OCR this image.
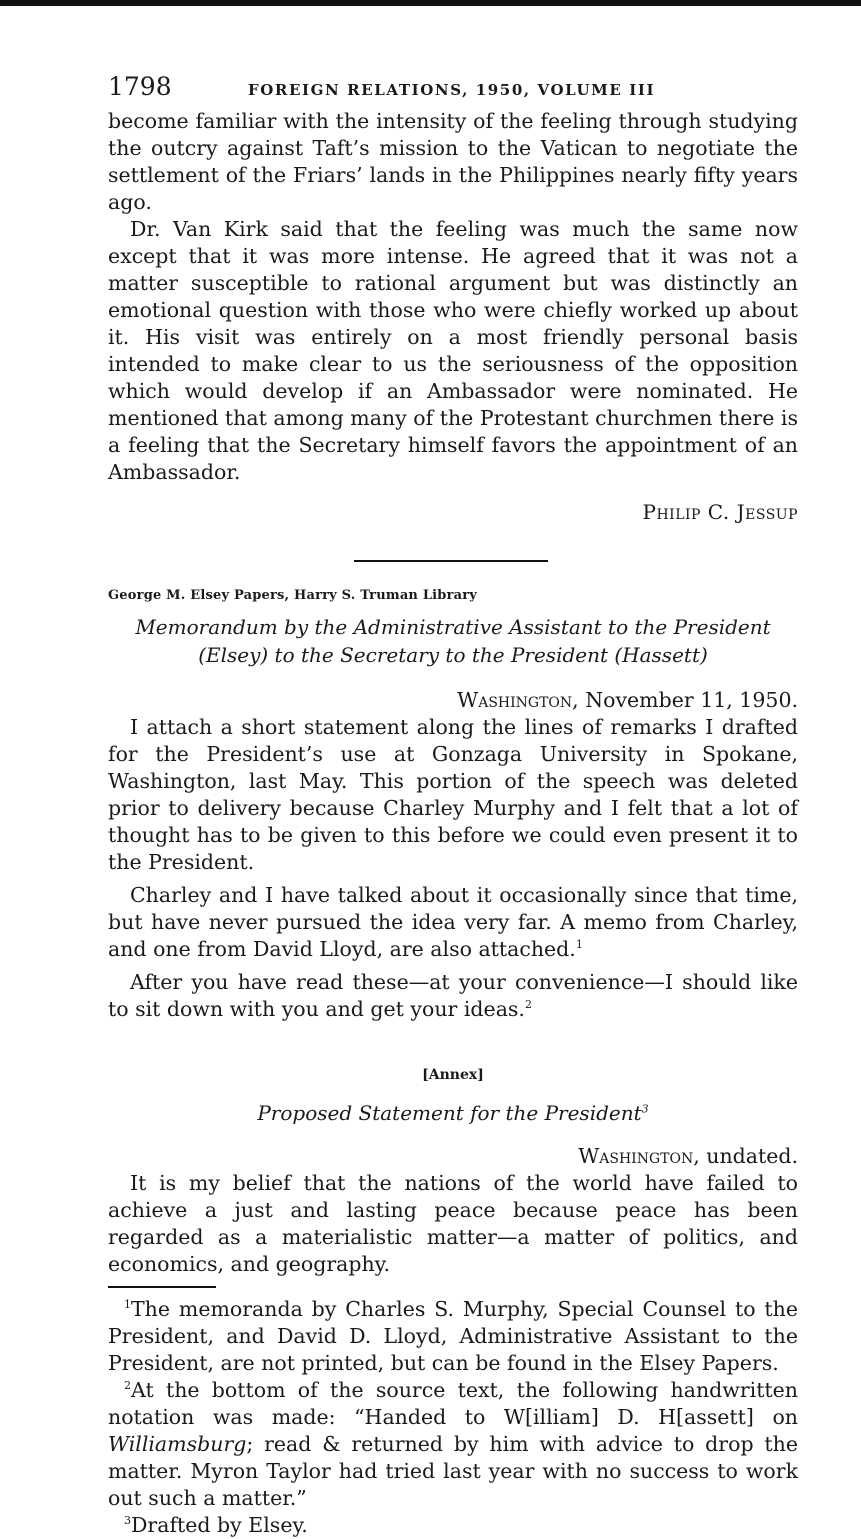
1798	FOREIGN RELATIONS, 1950, VOLUME III

become familiar with the intensity of the feeling through studying the outcry against Taft’s mission to the Vatican to negotiate the settlement of the Friars’ lands in the Philippines nearly fifty years ago.

Dr. Van Kirk said that the feeling was much the same now except that it was more intense. He agreed that it was not a matter susceptible to rational argument but was distinctly an emotional question with those who were chiefly worked up about it. His visit was entirely on a most friendly personal basis intended to make clear to us the seriousness of the opposition which would develop if an Ambassador were nominated. He mentioned that among many of the Protestant churchmen there is a feeling that the Secretary himself favors the appointment of an Ambassador.

Philip C. Jessup
George M. Elsey Papers, Harry S. Truman Library
Memorandum by the Administrative Assistant to the President (Elsey) to the Secretary to the President (Hassett)
Washington, November 11, 1950.

I attach a short statement along the lines of remarks I drafted for the President’s use at Gonzaga University in Spokane, Washington, last May. This portion of the speech was deleted prior to delivery because Charley Murphy and I felt that a lot of thought has to be given to this before we could even present it to the President.

Charley and I have talked about it occasionally since that time, but have never pursued the idea very far. A memo from Charley, and one from David Lloyd, are also attached.$^1$

After you have read these—at your convenience—I should like to sit down with you and get your ideas.$^2$

[Annex]
Proposed Statement for the President$^3$
Washington, undated.

It is my belief that the nations of the world have failed to achieve a just and lasting peace because peace has been regarded as a materialistic matter—a matter of politics, and economics, and geography.

$^1$The memoranda by Charles S. Murphy, Special Counsel to the President, and David D. Lloyd, Administrative Assistant to the President, are not printed, but can be found in the Elsey Papers.

$^2$At the bottom of the source text, the following handwritten notation was made: “Handed to W[illiam] D. H[assett] on Williamsburg; read & returned by him with advice to drop the matter. Myron Taylor had tried last year with no success to work out such a matter.”

$^3$Drafted by Elsey.
